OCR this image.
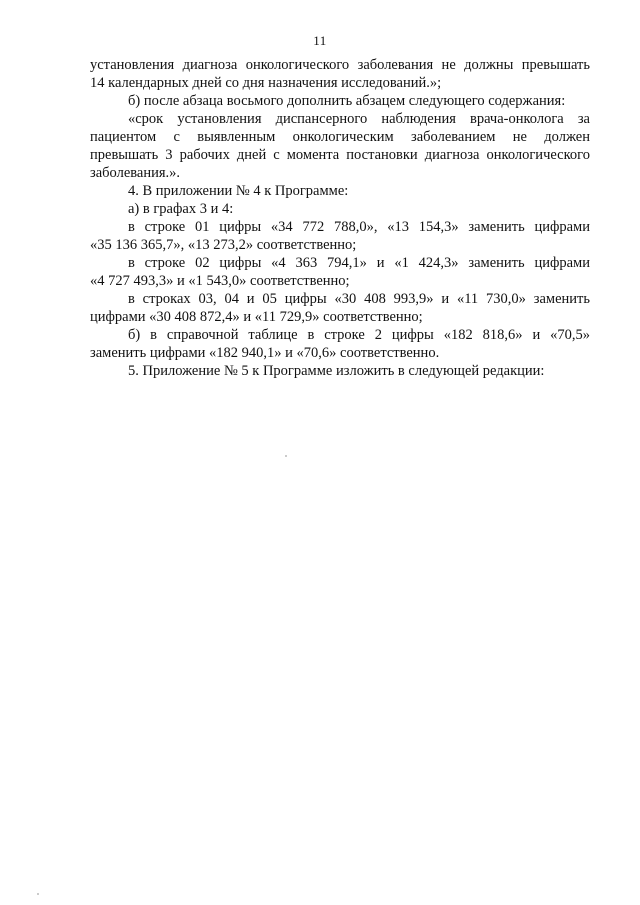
11
установления диагноза онкологического заболевания не должны превышать
14 календарных дней со дня назначения исследований.»;
б) после абзаца восьмого дополнить абзацем следующего содержания:
«срок установления диспансерного наблюдения врача-онколога за
пациентом с выявленным онкологическим заболеванием не должен
превышать 3 рабочих дней с момента постановки диагноза онкологического
заболевания.».
4. В приложении № 4 к Программе:
а) в графах 3 и 4:
в строке 01 цифры «34 772 788,0», «13 154,3» заменить цифрами
«35 136 365,7», «13 273,2» соответственно;
в строке 02 цифры «4 363 794,1» и «1 424,3» заменить цифрами
«4 727 493,3» и «1 543,0» соответственно;
в строках 03, 04 и 05 цифры «30 408 993,9» и «11 730,0» заменить
цифрами «30 408 872,4» и «11 729,9» соответственно;
б) в справочной таблице в строке 2 цифры «182 818,6» и «70,5»
заменить цифрами «182 940,1» и «70,6» соответственно.
5. Приложение № 5 к Программе изложить в следующей редакции:
